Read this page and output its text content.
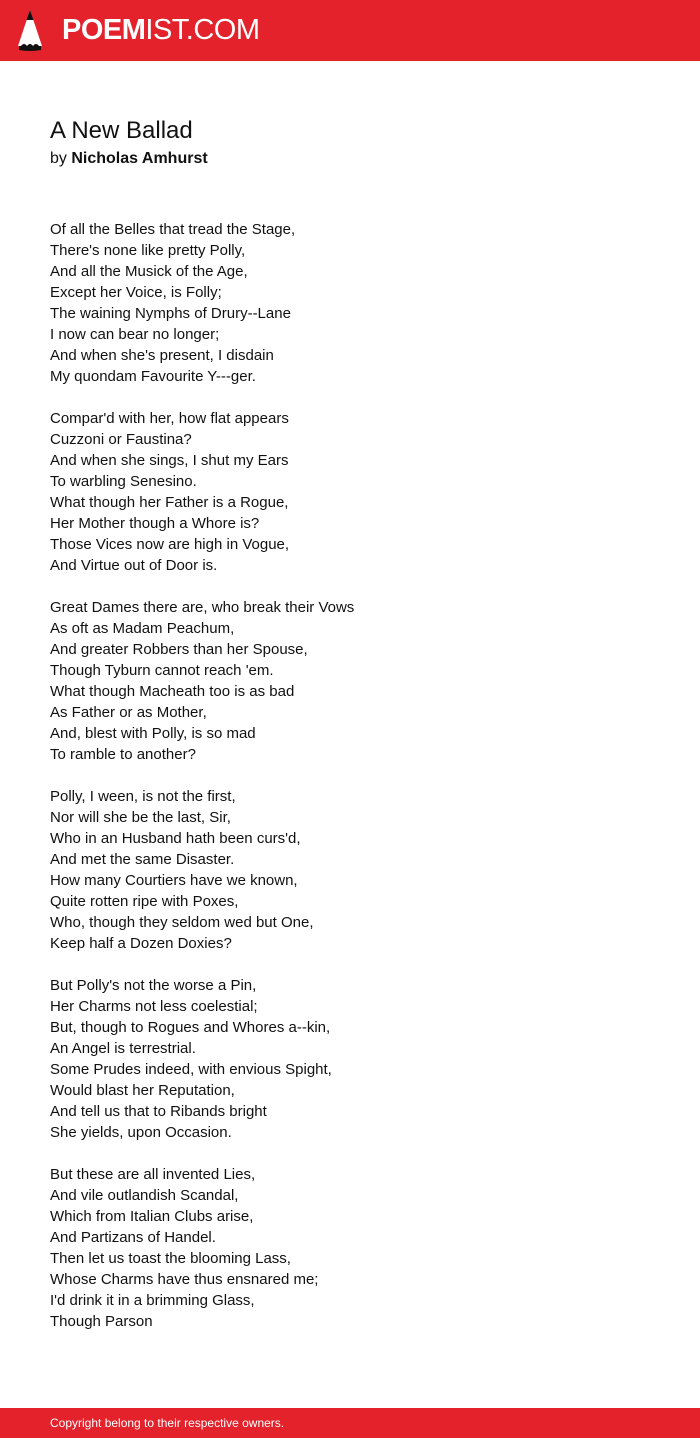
POEMIST.COM
A New Ballad
by Nicholas Amhurst
Of all the Belles that tread the Stage,
There's none like pretty Polly,
And all the Musick of the Age,
Except her Voice, is Folly;
The waining Nymphs of Drury--Lane
I now can bear no longer;
And when she's present, I disdain
My quondam Favourite Y---ger.
Compar'd with her, how flat appears
Cuzzoni or Faustina?
And when she sings, I shut my Ears
To warbling Senesino.
What though her Father is a Rogue,
Her Mother though a Whore is?
Those Vices now are high in Vogue,
And Virtue out of Door is.
Great Dames there are, who break their Vows
As oft as Madam Peachum,
And greater Robbers than her Spouse,
Though Tyburn cannot reach 'em.
What though Macheath too is as bad
As Father or as Mother,
And, blest with Polly, is so mad
To ramble to another?
Polly, I ween, is not the first,
Nor will she be the last, Sir,
Who in an Husband hath been curs'd,
And met the same Disaster.
How many Courtiers have we known,
Quite rotten ripe with Poxes,
Who, though they seldom wed but One,
Keep half a Dozen Doxies?
But Polly's not the worse a Pin,
Her Charms not less coelestial;
But, though to Rogues and Whores a--kin,
An Angel is terrestrial.
Some Prudes indeed, with envious Spight,
Would blast her Reputation,
And tell us that to Ribands bright
She yields, upon Occasion.
But these are all invented Lies,
And vile outlandish Scandal,
Which from Italian Clubs arise,
And Partizans of Handel.
Then let us toast the blooming Lass,
Whose Charms have thus ensnared me;
I'd drink it in a brimming Glass,
Though Parson
Copyright belong to their respective owners.
